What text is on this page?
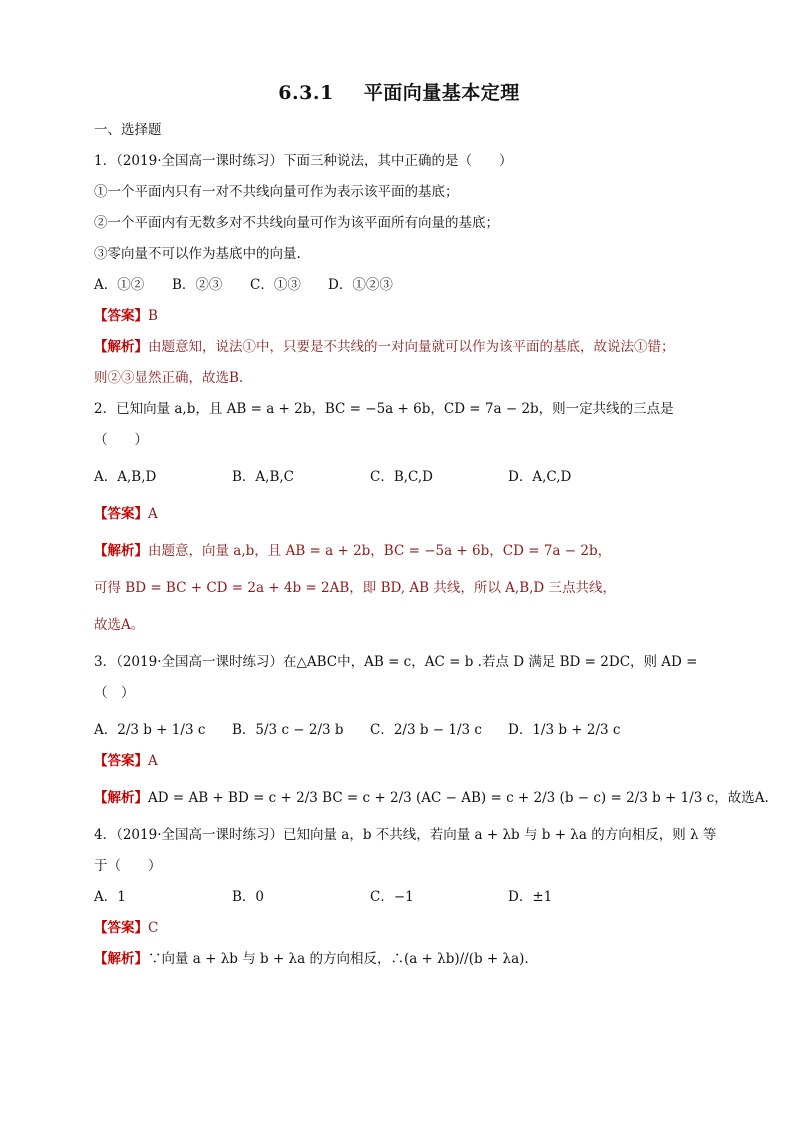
6.3.1 平面向量基本定理

一、选择题

1．（2019·全国高一课时练习）下面三种说法，其中正确的是（　　）

①一个平面内只有一对不共线向量可作为表示该平面的基底；

②一个平面内有无数多对不共线向量可作为该平面所有向量的基底；

③零向量不可以作为基底中的向量.

A．①②	B．②③	C．①③	D．①②③

【答案】B

【解析】由题意知，说法①中，只要是不共线的一对向量就可以作为该平面的基底，故说法①错；

则②③显然正确，故选B.

2．已知向量 a,b，且 AB = a + 2b，BC = −5a + 6b，CD = 7a − 2b，则一定共线的三点是

（　　）

A．A,B,D	B．A,B,C	C．B,C,D	D．A,C,D

【答案】A

【解析】由题意，向量 a,b，且 AB = a + 2b，BC = −5a + 6b，CD = 7a − 2b，

可得 BD = BC + CD = 2a + 4b = 2AB，即 BD, AB 共线，所以 A,B,D 三点共线，

故选A。

3．（2019·全国高一课时练习）在△ABC中，AB = c，AC = b .若点 D 满足 BD = 2DC，则 AD =

（　）

A．2/3 b + 1/3 c	B．5/3 c − 2/3 b	C．2/3 b − 1/3 c	D．1/3 b + 2/3 c

【答案】A

【解析】AD = AB + BD = c + 2/3 BC = c + 2/3 (AC − AB) = c + 2/3 (b − c) = 2/3 b + 1/3 c，故选A.

4．（2019·全国高一课时练习）已知向量 a，b 不共线，若向量 a + λb 与 b + λa 的方向相反，则 λ 等

于（　　）

A．1	B．0	C．−1	D．±1

【答案】C

【解析】∵向量 a + λb 与 b + λa 的方向相反，∴(a + λb)//(b + λa).
